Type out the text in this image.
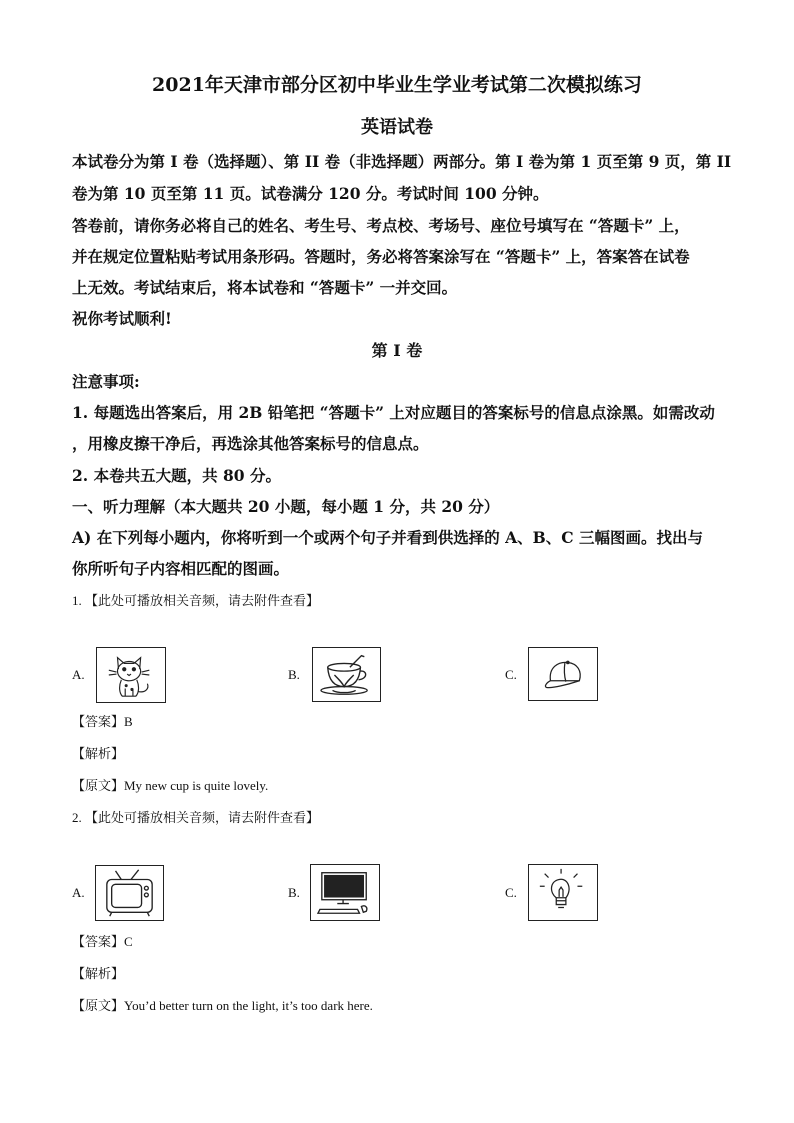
2021年天津市部分区初中毕业生学业考试第二次模拟练习
英语试卷
本试卷分为第 I 卷（选择题）、第 II 卷（非选择题）两部分。第 I 卷为第 1 页至第 9 页，第 II
卷为第 10 页至第 11 页。试卷满分 120 分。考试时间 100 分钟。
答卷前，请你务必将自己的姓名、考生号、考点校、考场号、座位号填写在 “答题卡” 上，
并在规定位置粘贴考试用条形码。答题时，务必将答案涂写在 “答题卡” 上，答案答在试卷
上无效。考试结束后，将本试卷和 “答题卡” 一并交回。
祝你考试顺利!
第 I 卷
注意事项:
1. 每题选出答案后，用 2B 铅笔把 “答题卡” 上对应题目的答案标号的信息点涂黑。如需改动
，用橡皮擦干净后，再选涂其他答案标号的信息点。
2. 本卷共五大题，共 80 分。
一、听力理解（本大题共 20 小题，每小题 1 分，共 20 分）
A) 在下列每小题内，你将听到一个或两个句子并看到供选择的 A、B、C 三幅图画。找出与
你所听句子内容相匹配的图画。
1. 【此处可播放相关音频，请去附件查看】
A.	B.	C.
【答案】B
【解析】
【原文】My new cup is quite lovely.
2. 【此处可播放相关音频，请去附件查看】
A.	B.	C.
【答案】C
【解析】
【原文】You’d better turn on the light, it’s too dark here.
